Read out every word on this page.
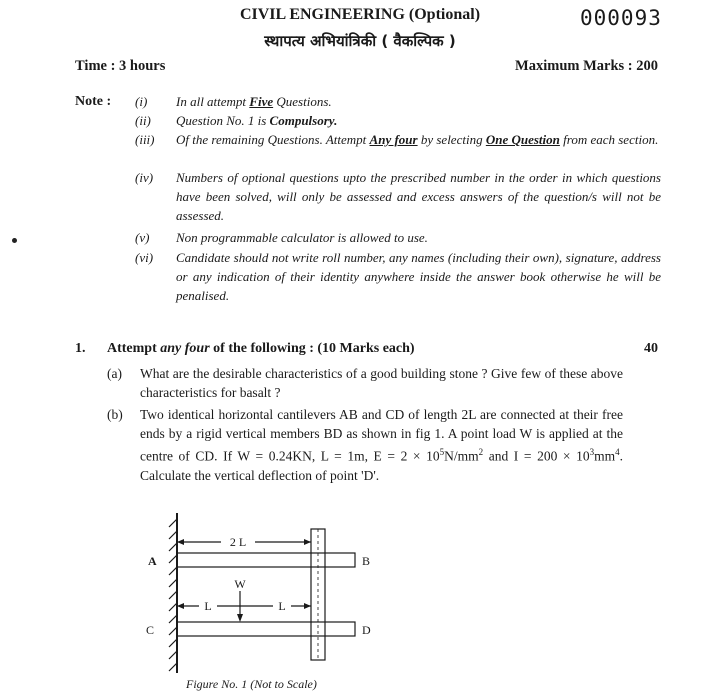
CIVIL ENGINEERING (Optional)	000093
स्थापत्य अभियांत्रिकी ( वैकल्पिक )
Time : 3 hours	Maximum Marks : 200
Note : (i)	In all attempt Five Questions.
(ii)	Question No. 1 is Compulsory.
(iii)	Of the remaining Questions. Attempt Any four by selecting One Question from each section.
(iv)	Numbers of optional questions upto the prescribed number in the order in which questions have been solved, will only be assessed and excess answers of the question/s will not be assessed.
(v)	Non programmable calculator is allowed to use.
(vi)	Candidate should not write roll number, any names (including their own), signature, address or any indication of their identity anywhere inside the answer book otherwise he will be penalised.
1. Attempt any four of the following : (10 Marks each)	40
(a) What are the desirable characteristics of a good building stone ? Give few of these above characteristics for basalt ?
(b) Two identical horizontal cantilevers AB and CD of length 2L are connected at their free ends by a rigid vertical members BD as shown in fig 1. A point load W is applied at the centre of CD. If W = 0.24KN, L = 1m, $E = 2 \times 10^5N/mm^2$ and $I = 200 \times 10^3mm^4$. Calculate the vertical deflection of point 'D'.
2 L
L	L
W
A	B
C	D
Figure No. 1 (Not to Scale)
